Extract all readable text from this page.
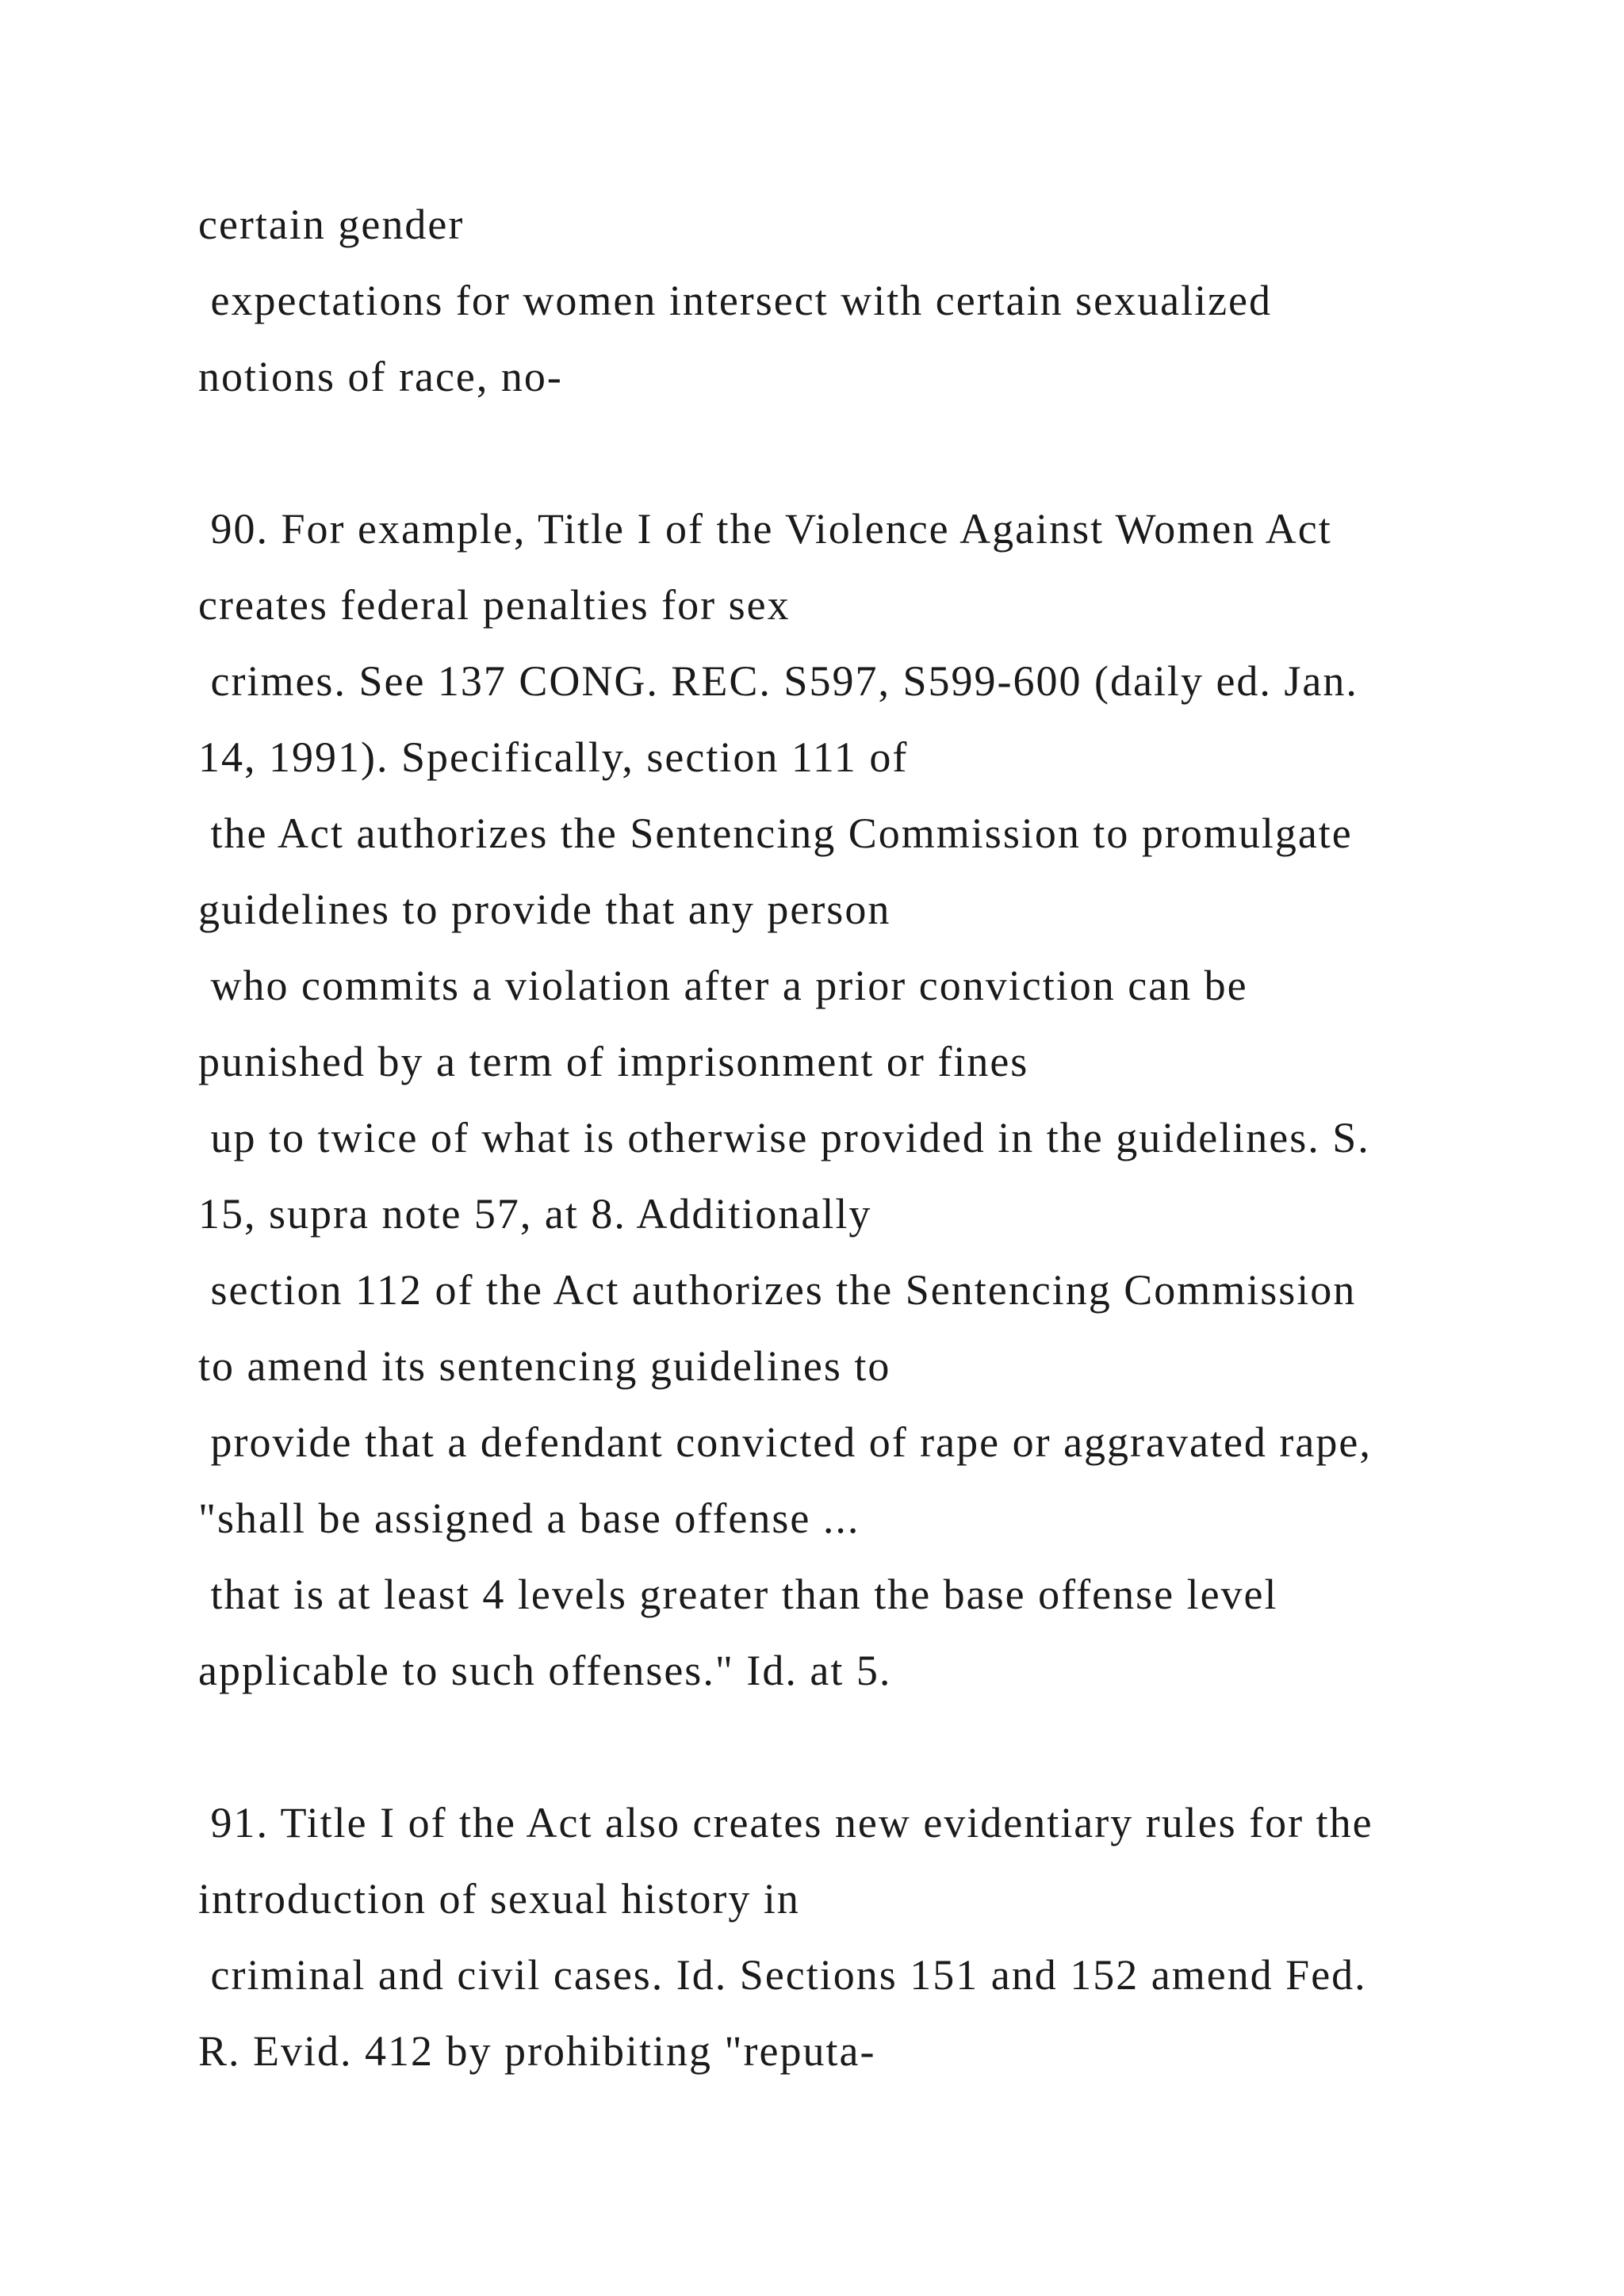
certain gender

expectations for women intersect with certain sexualized

notions of race, no-

90. For example, Title I of the Violence Against Women Act

creates federal penalties for sex

crimes. See 137 CONG. REC. S597, S599-600 (daily ed. Jan.

14, 1991). Specifically, section 111 of

the Act authorizes the Sentencing Commission to promulgate

guidelines to provide that any person

who commits a violation after a prior conviction can be

punished by a term of imprisonment or fines

up to twice of what is otherwise provided in the guidelines. S.

15, supra note 57, at 8. Additionally

section 112 of the Act authorizes the Sentencing Commission

to amend its sentencing guidelines to

provide that a defendant convicted of rape or aggravated rape,

"shall be assigned a base offense ...

that is at least 4 levels greater than the base offense level

applicable to such offenses." Id. at 5.

91. Title I of the Act also creates new evidentiary rules for the

introduction of sexual history in

criminal and civil cases. Id. Sections 151 and 152 amend Fed.

R. Evid. 412 by prohibiting "reputa-
